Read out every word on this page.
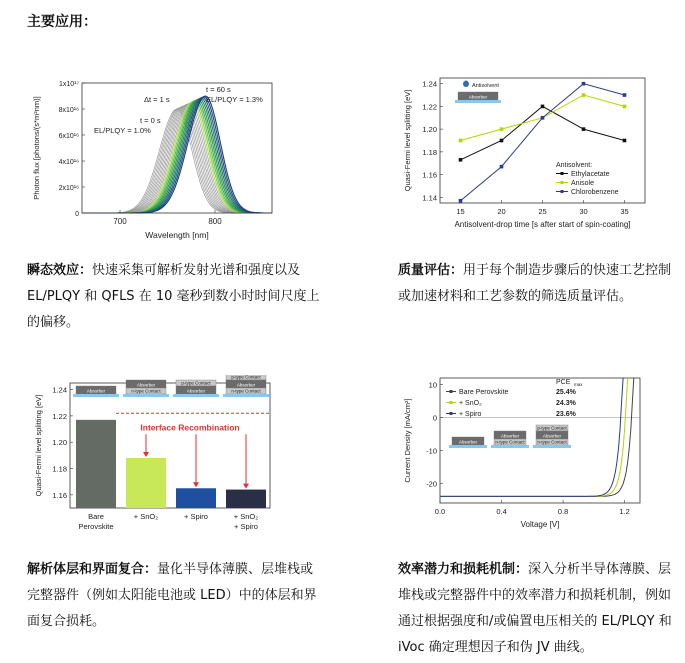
主要应用：
0
2x10¹⁶
4x10¹⁶
6x10¹⁶
8x10¹⁶
1x10¹⁷
700	800
Wavelength [nm]
Photon flux [photons/(s*m²nm)]
t = 60 s
EL/PLQY = 1.3%
Δt = 1 s
t = 0 s
EL/PLQY = 1.0%
1.14
1.16
1.18
1.20
1.22
1.24
15	20	25	30	35
Antisolvent-drop time [s after start of spin-coating]
Quasi-Fermi level splitting [eV]	Antisolvent:
Ethylacetate
Anisole
Chlorobenzene
Antisolvent
Absorber
Bare
Perovskite
Absorber
+ SnO₂
Absorber
n-type Contact
+ Spiro
p-type Contact
Absorber
+ SnO₂
+ Spiro
p-type Contact
Absorber
n-type Contact
1.16
1.18
1.20
1.22
1.24
Quasi-Fermi level splitting [eV]	Interface Recombination
10
0
-10
-20
0.0	0.4	0.8	1.2
Voltage [V]
Current Density [mA/cm²]
PCE max
Bare Perovskite	25.4%
+ SnO₂	24.3%
+ Spiro	23.6%
Absorber
Absorber
n-type Contact
p-type Contact
Absorber
n-type Contact
瞬态效应：快速采集可解析发射光谱和强度以及 EL/PLQY 和 QFLS 在 10 毫秒到数小时时间尺度上的偏移。
质量评估：用于每个制造步骤后的快速工艺控制或加速材料和工艺参数的筛选质量评估。
解析体层和界面复合：量化半导体薄膜、层堆栈或完整器件（例如太阳能电池或 LED）中的体层和界面复合损耗。
效率潜力和损耗机制：深入分析半导体薄膜、层堆栈或完整器件中的效率潜力和损耗机制，例如通过根据强度和/或偏置电压相关的 EL/PLQY 和 iVoc 确定理想因子和伪 JV 曲线。
